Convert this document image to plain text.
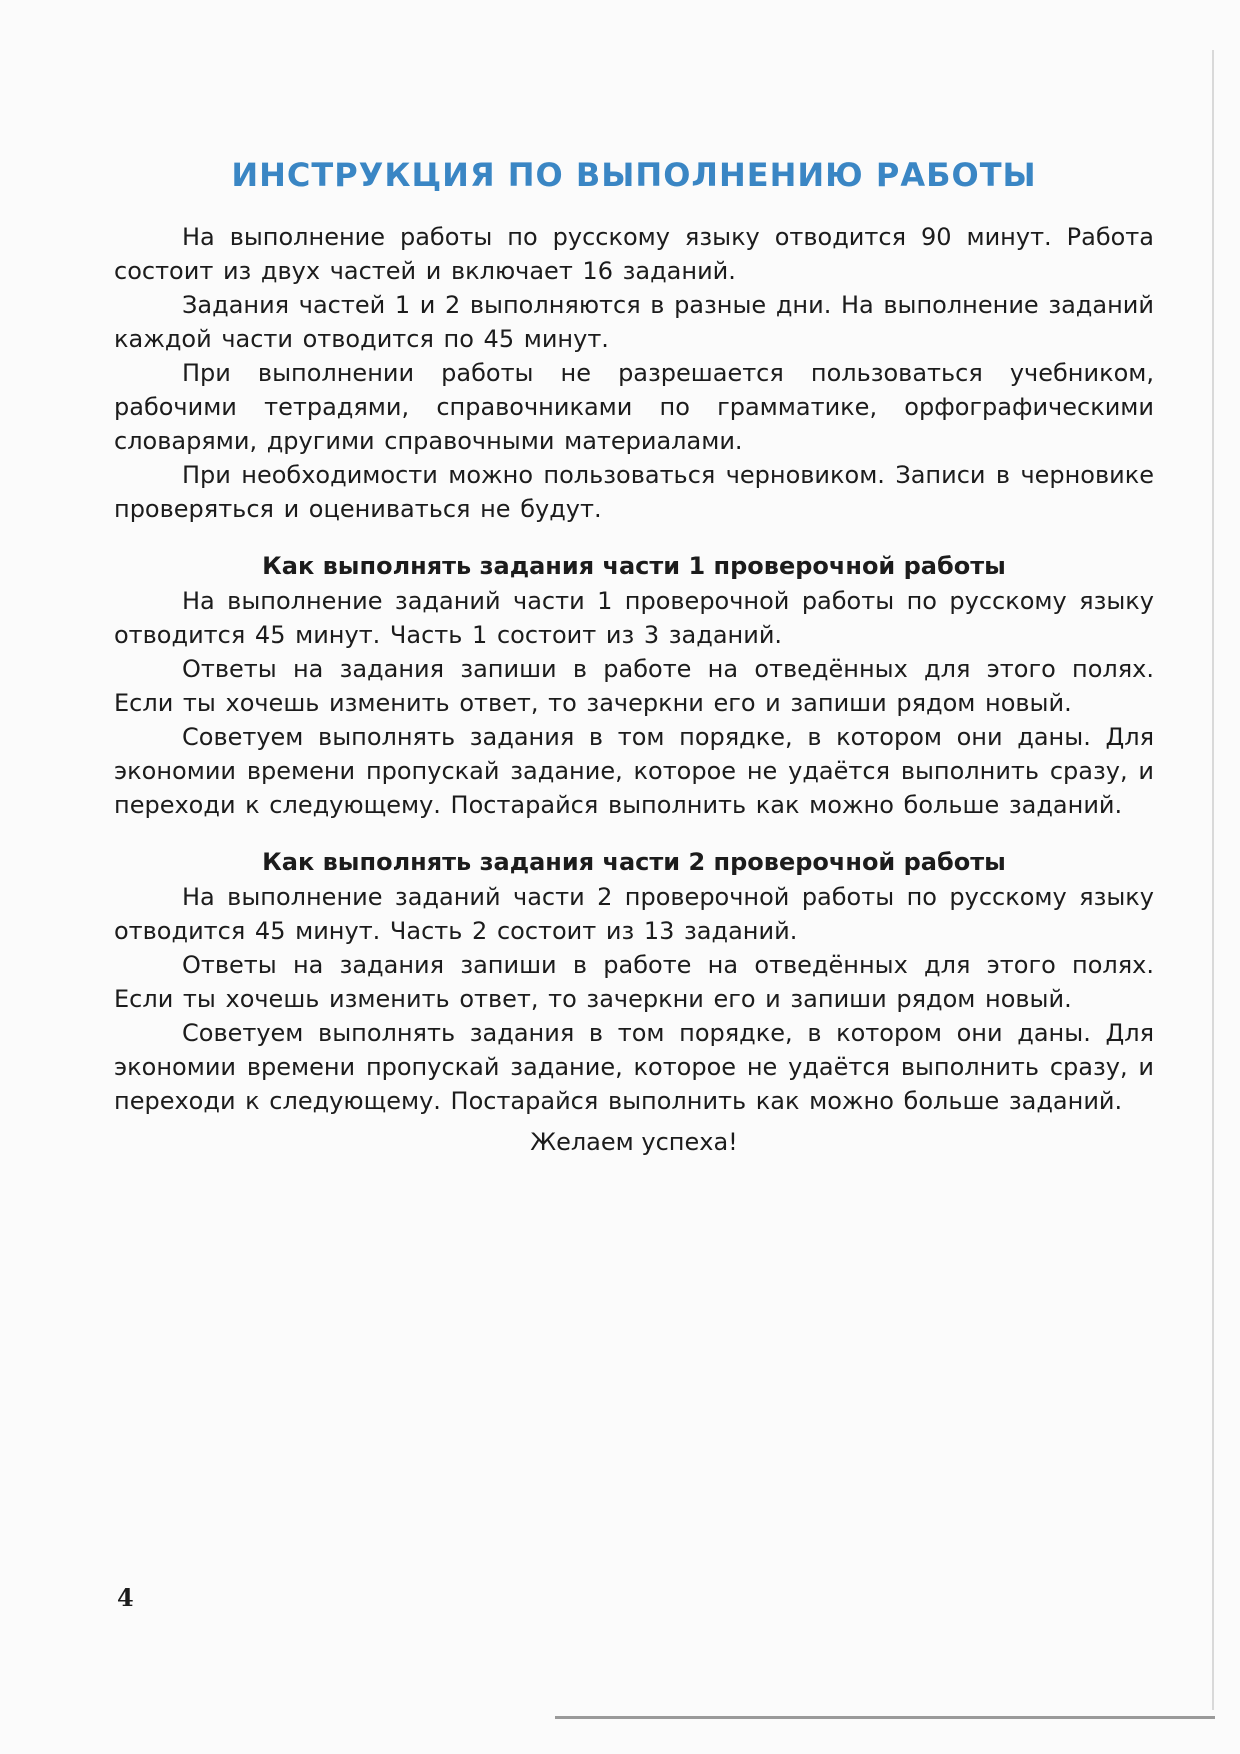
ИНСТРУКЦИЯ ПО ВЫПОЛНЕНИЮ РАБОТЫ

На выполнение работы по русскому языку отводится 90 минут. Работа состоит из двух частей и включает 16 заданий.

Задания частей 1 и 2 выполняются в разные дни. На выполнение заданий каждой части отводится по 45 минут.

При выполнении работы не разрешается пользоваться учебником, рабочими тетрадями, справочниками по грамматике, орфографическими словарями, другими справочными материалами.

При необходимости можно пользоваться черновиком. Записи в черновике проверяться и оцениваться не будут.

Как выполнять задания части 1 проверочной работы

На выполнение заданий части 1 проверочной работы по русскому языку отводится 45 минут. Часть 1 состоит из 3 заданий.

Ответы на задания запиши в работе на отведённых для этого полях. Если ты хочешь изменить ответ, то зачеркни его и запиши рядом новый.

Советуем выполнять задания в том порядке, в котором они даны. Для экономии времени пропускай задание, которое не удаётся выполнить сразу, и переходи к следующему. Постарайся выполнить как можно больше заданий.

Как выполнять задания части 2 проверочной работы

На выполнение заданий части 2 проверочной работы по русскому языку отводится 45 минут. Часть 2 состоит из 13 заданий.

Ответы на задания запиши в работе на отведённых для этого полях. Если ты хочешь изменить ответ, то зачеркни его и запиши рядом новый.

Советуем выполнять задания в том порядке, в котором они даны. Для экономии времени пропускай задание, которое не удаётся выполнить сразу, и переходи к следующему. Постарайся выполнить как можно больше заданий.

Желаем успеха!

4
